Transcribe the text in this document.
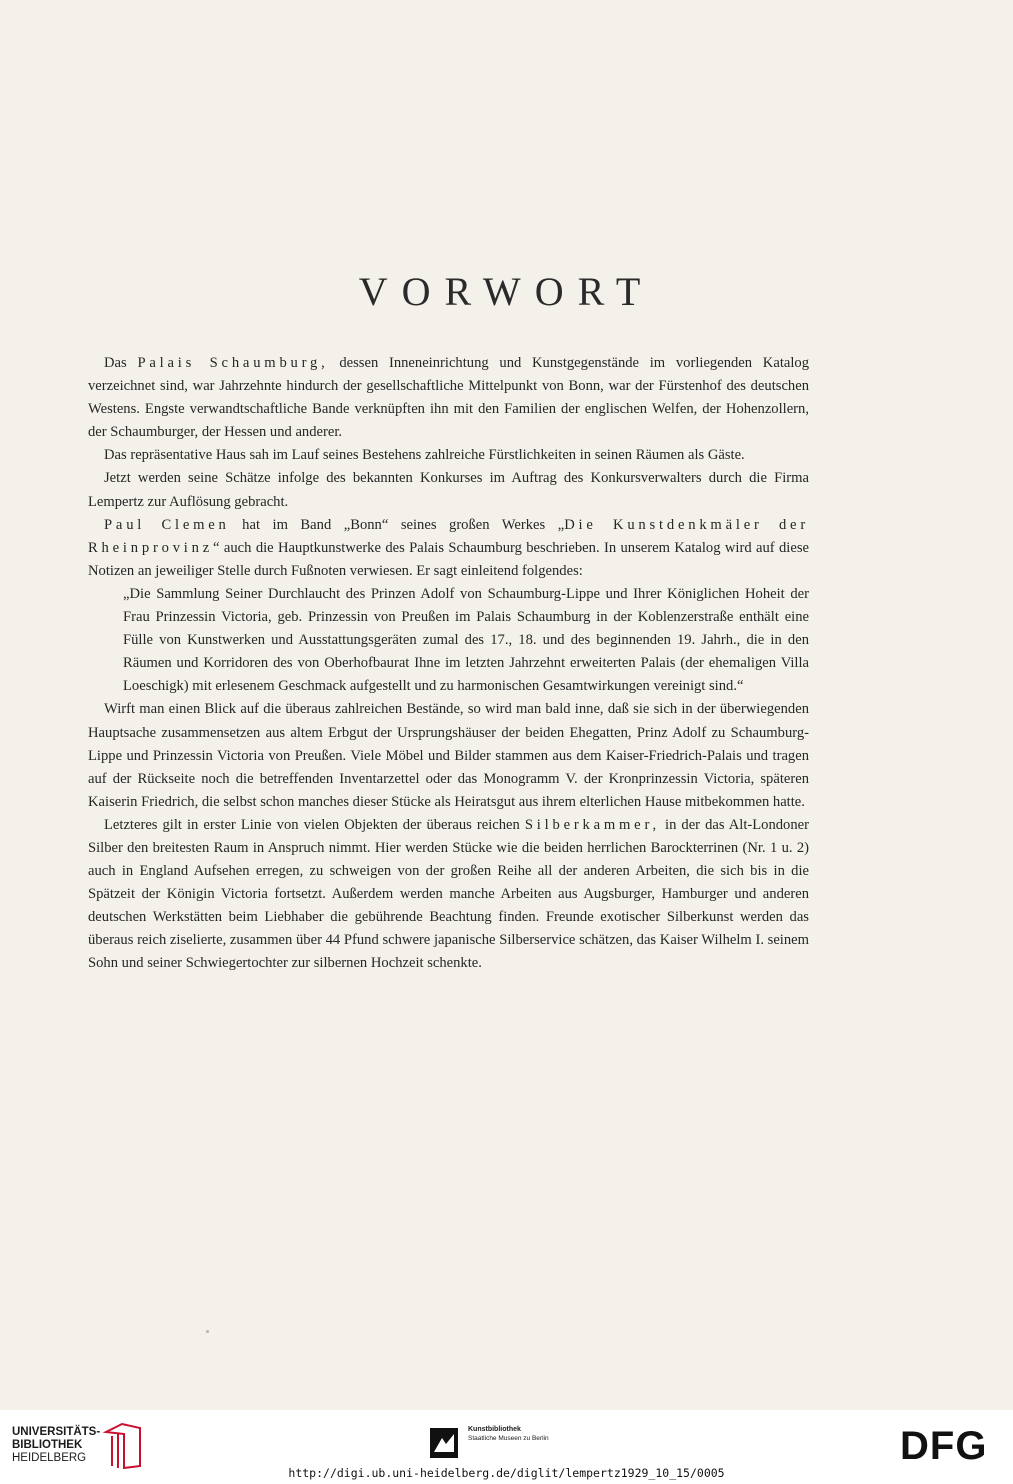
VORWORT

Das Palais Schaumburg, dessen Inneneinrichtung und Kunstgegenstände im vorliegenden Katalog verzeichnet sind, war Jahrzehnte hindurch der gesellschaftliche Mittelpunkt von Bonn, war der Fürstenhof des deutschen Westens. Engste verwandtschaftliche Bande verknüpften ihn mit den Familien der englischen Welfen, der Hohenzollern, der Schaumburger, der Hessen und anderer.

Das repräsentative Haus sah im Lauf seines Bestehens zahlreiche Fürstlichkeiten in seinen Räumen als Gäste.

Jetzt werden seine Schätze infolge des bekannten Konkurses im Auftrag des Konkursverwalters durch die Firma Lempertz zur Auflösung gebracht.

Paul Clemen hat im Band „Bonn“ seines großen Werkes „Die Kunstdenkmäler der Rheinprovinz“ auch die Hauptkunstwerke des Palais Schaumburg beschrieben. In unserem Katalog wird auf diese Notizen an jeweiliger Stelle durch Fußnoten verwiesen. Er sagt einleitend folgendes:

„Die Sammlung Seiner Durchlaucht des Prinzen Adolf von Schaumburg-Lippe und Ihrer Königlichen Hoheit der Frau Prinzessin Victoria, geb. Prinzessin von Preußen im Palais Schaumburg in der Koblenzerstraße enthält eine Fülle von Kunstwerken und Ausstattungsgeräten zumal des 17., 18. und des beginnenden 19. Jahrh., die in den Räumen und Korridoren des von Oberhofbaurat Ihne im letzten Jahrzehnt erweiterten Palais (der ehemaligen Villa Loeschigk) mit erlesenem Geschmack aufgestellt und zu harmonischen Gesamtwirkungen vereinigt sind.“

Wirft man einen Blick auf die überaus zahlreichen Bestände, so wird man bald inne, daß sie sich in der überwiegenden Hauptsache zusammensetzen aus altem Erbgut der Ursprungshäuser der beiden Ehegatten, Prinz Adolf zu Schaumburg-Lippe und Prinzessin Victoria von Preußen. Viele Möbel und Bilder stammen aus dem Kaiser-Friedrich-Palais und tragen auf der Rückseite noch die betreffenden Inventarzettel oder das Monogramm V. der Kronprinzessin Victoria, späteren Kaiserin Friedrich, die selbst schon manches dieser Stücke als Heiratsgut aus ihrem elterlichen Hause mitbekommen hatte.

Letzteres gilt in erster Linie von vielen Objekten der überaus reichen Silberkammer, in der das Alt-Londoner Silber den breitesten Raum in Anspruch nimmt. Hier werden Stücke wie die beiden herrlichen Barockterrinen (Nr. 1 u. 2) auch in England Aufsehen erregen, zu schweigen von der großen Reihe all der anderen Arbeiten, die sich bis in die Spätzeit der Königin Victoria fortsetzt. Außerdem werden manche Arbeiten aus Augsburger, Hamburger und anderen deutschen Werkstätten beim Liebhaber die gebührende Beachtung finden. Freunde exotischer Silberkunst werden das überaus reich ziselierte, zusammen über 44 Pfund schwere japanische Silberservice schätzen, das Kaiser Wilhelm I. seinem Sohn und seiner Schwiegertochter zur silbernen Hochzeit schenkte.

UNIVERSITÄTS-
BIBLIOTHEK
HEIDELBERG
Kunstbibliothek
Staatliche Museen zu Berlin	DFG
http://digi.ub.uni-heidelberg.de/diglit/lempertz1929_10_15/0005
